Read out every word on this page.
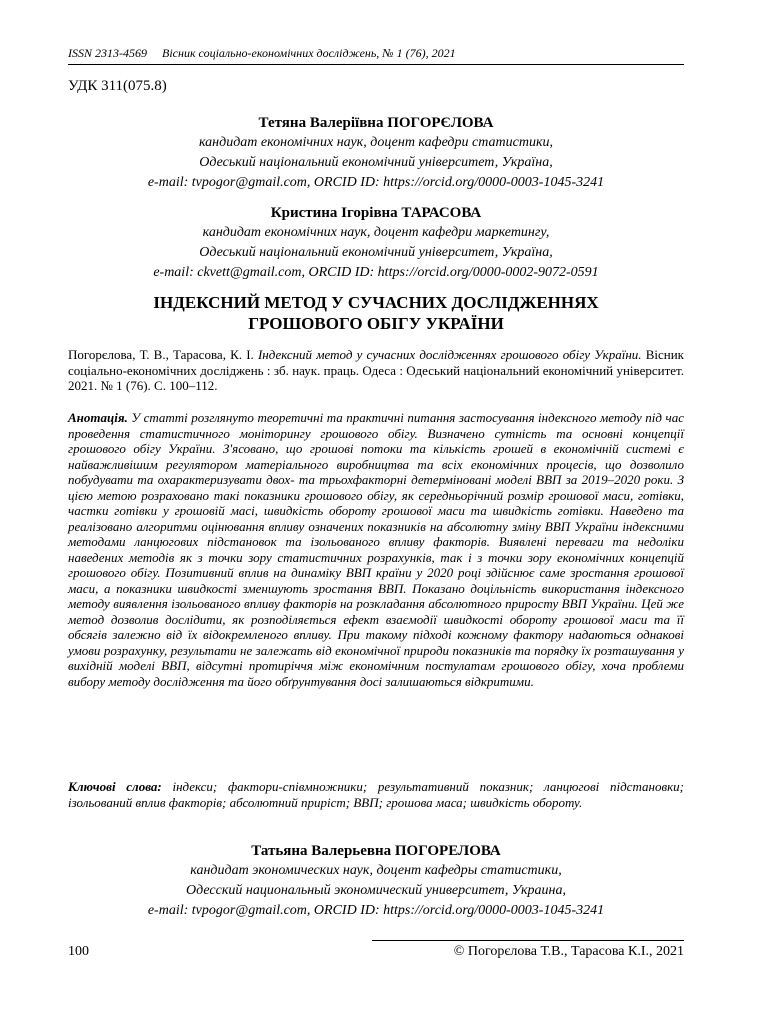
ISSN 2313-4569     Вісник соціально-економічних досліджень, № 1 (76), 2021
УДК 311(075.8)
Тетяна Валеріївна ПОГОРЄЛОВА
кандидат економічних наук, доцент кафедри статистики,
Одеський національний економічний університет, Україна,
e-mail: tvpogor@gmail.com, ORCID ID: https://orcid.org/0000-0003-1045-3241
Кристина Ігорівна ТАРАСОВА
кандидат економічних наук, доцент кафедри маркетингу,
Одеський національний економічний університет, Україна,
e-mail: ckvett@gmail.com, ORCID ID: https://orcid.org/0000-0002-9072-0591
ІНДЕКСНИЙ МЕТОД У СУЧАСНИХ ДОСЛІДЖЕННЯХ
ГРОШОВОГО ОБІГУ УКРАЇНИ
Погорєлова, Т. В., Тарасова, К. І. Індексний метод у сучасних дослідженнях грошового обігу України. Вісник соціально-економічних досліджень : зб. наук. праць. Одеса : Одеський національний економічний університет. 2021. № 1 (76). С. 100–112.
Анотація. У статті розглянуто теоретичні та практичні питання застосування індексного методу під час проведення статистичного моніторингу грошового обігу. Визначено сутність та основні концепції грошового обігу України. З'ясовано, що грошові потоки та кількість грошей в економічній системі є найважливішим регулятором матеріального виробництва та всіх економічних процесів, що дозволило побудувати та охарактеризувати двох- та трьохфакторні детерміновані моделі ВВП за 2019–2020 роки. З цією метою розраховано такі показники грошового обігу, як середньорічний розмір грошової маси, готівки, частки готівки у грошовій масі, швидкість обороту грошової маси та швидкість готівки. Наведено та реалізовано алгоритми оцінювання впливу означених показників на абсолютну зміну ВВП України індексними методами ланцюгових підстановок та ізольованого впливу факторів. Виявлені переваги та недоліки наведених методів як з точки зору статистичних розрахунків, так і з точки зору економічних концепцій грошового обігу. Позитивний вплив на динаміку ВВП країни у 2020 році здійснює саме зростання грошової маси, а показники швидкості зменшують зростання ВВП. Показано доцільність використання індексного методу виявлення ізольованого впливу факторів на розкладання абсолютного приросту ВВП України. Цей же метод дозволив дослідити, як розподіляється ефект взаємодії швидкості обороту грошової маси та її обсягів залежно від їх відокремленого впливу. При такому підході кожному фактору надаються однакові умови розрахунку, результати не залежать від економічної природи показників та порядку їх розташування у вихідній моделі ВВП, відсутні протиріччя між економічним постулатам грошового обігу, хоча проблеми вибору методу дослідження та його обґрунтування досі залишаються відкритими.
Ключові слова: індекси; фактори-співмножники; результативний показник; ланцюгові підстановки; ізольований вплив факторів; абсолютний приріст; ВВП; грошова маса; швидкість обороту.
Татьяна Валерьевна ПОГОРЕЛОВА
кандидат экономических наук, доцент кафедры статистики,
Одесский национальный экономический университет, Украина,
e-mail: tvpogor@gmail.com, ORCID ID: https://orcid.org/0000-0003-1045-3241
100	© Погорєлова Т.В., Тарасова К.І., 2021
